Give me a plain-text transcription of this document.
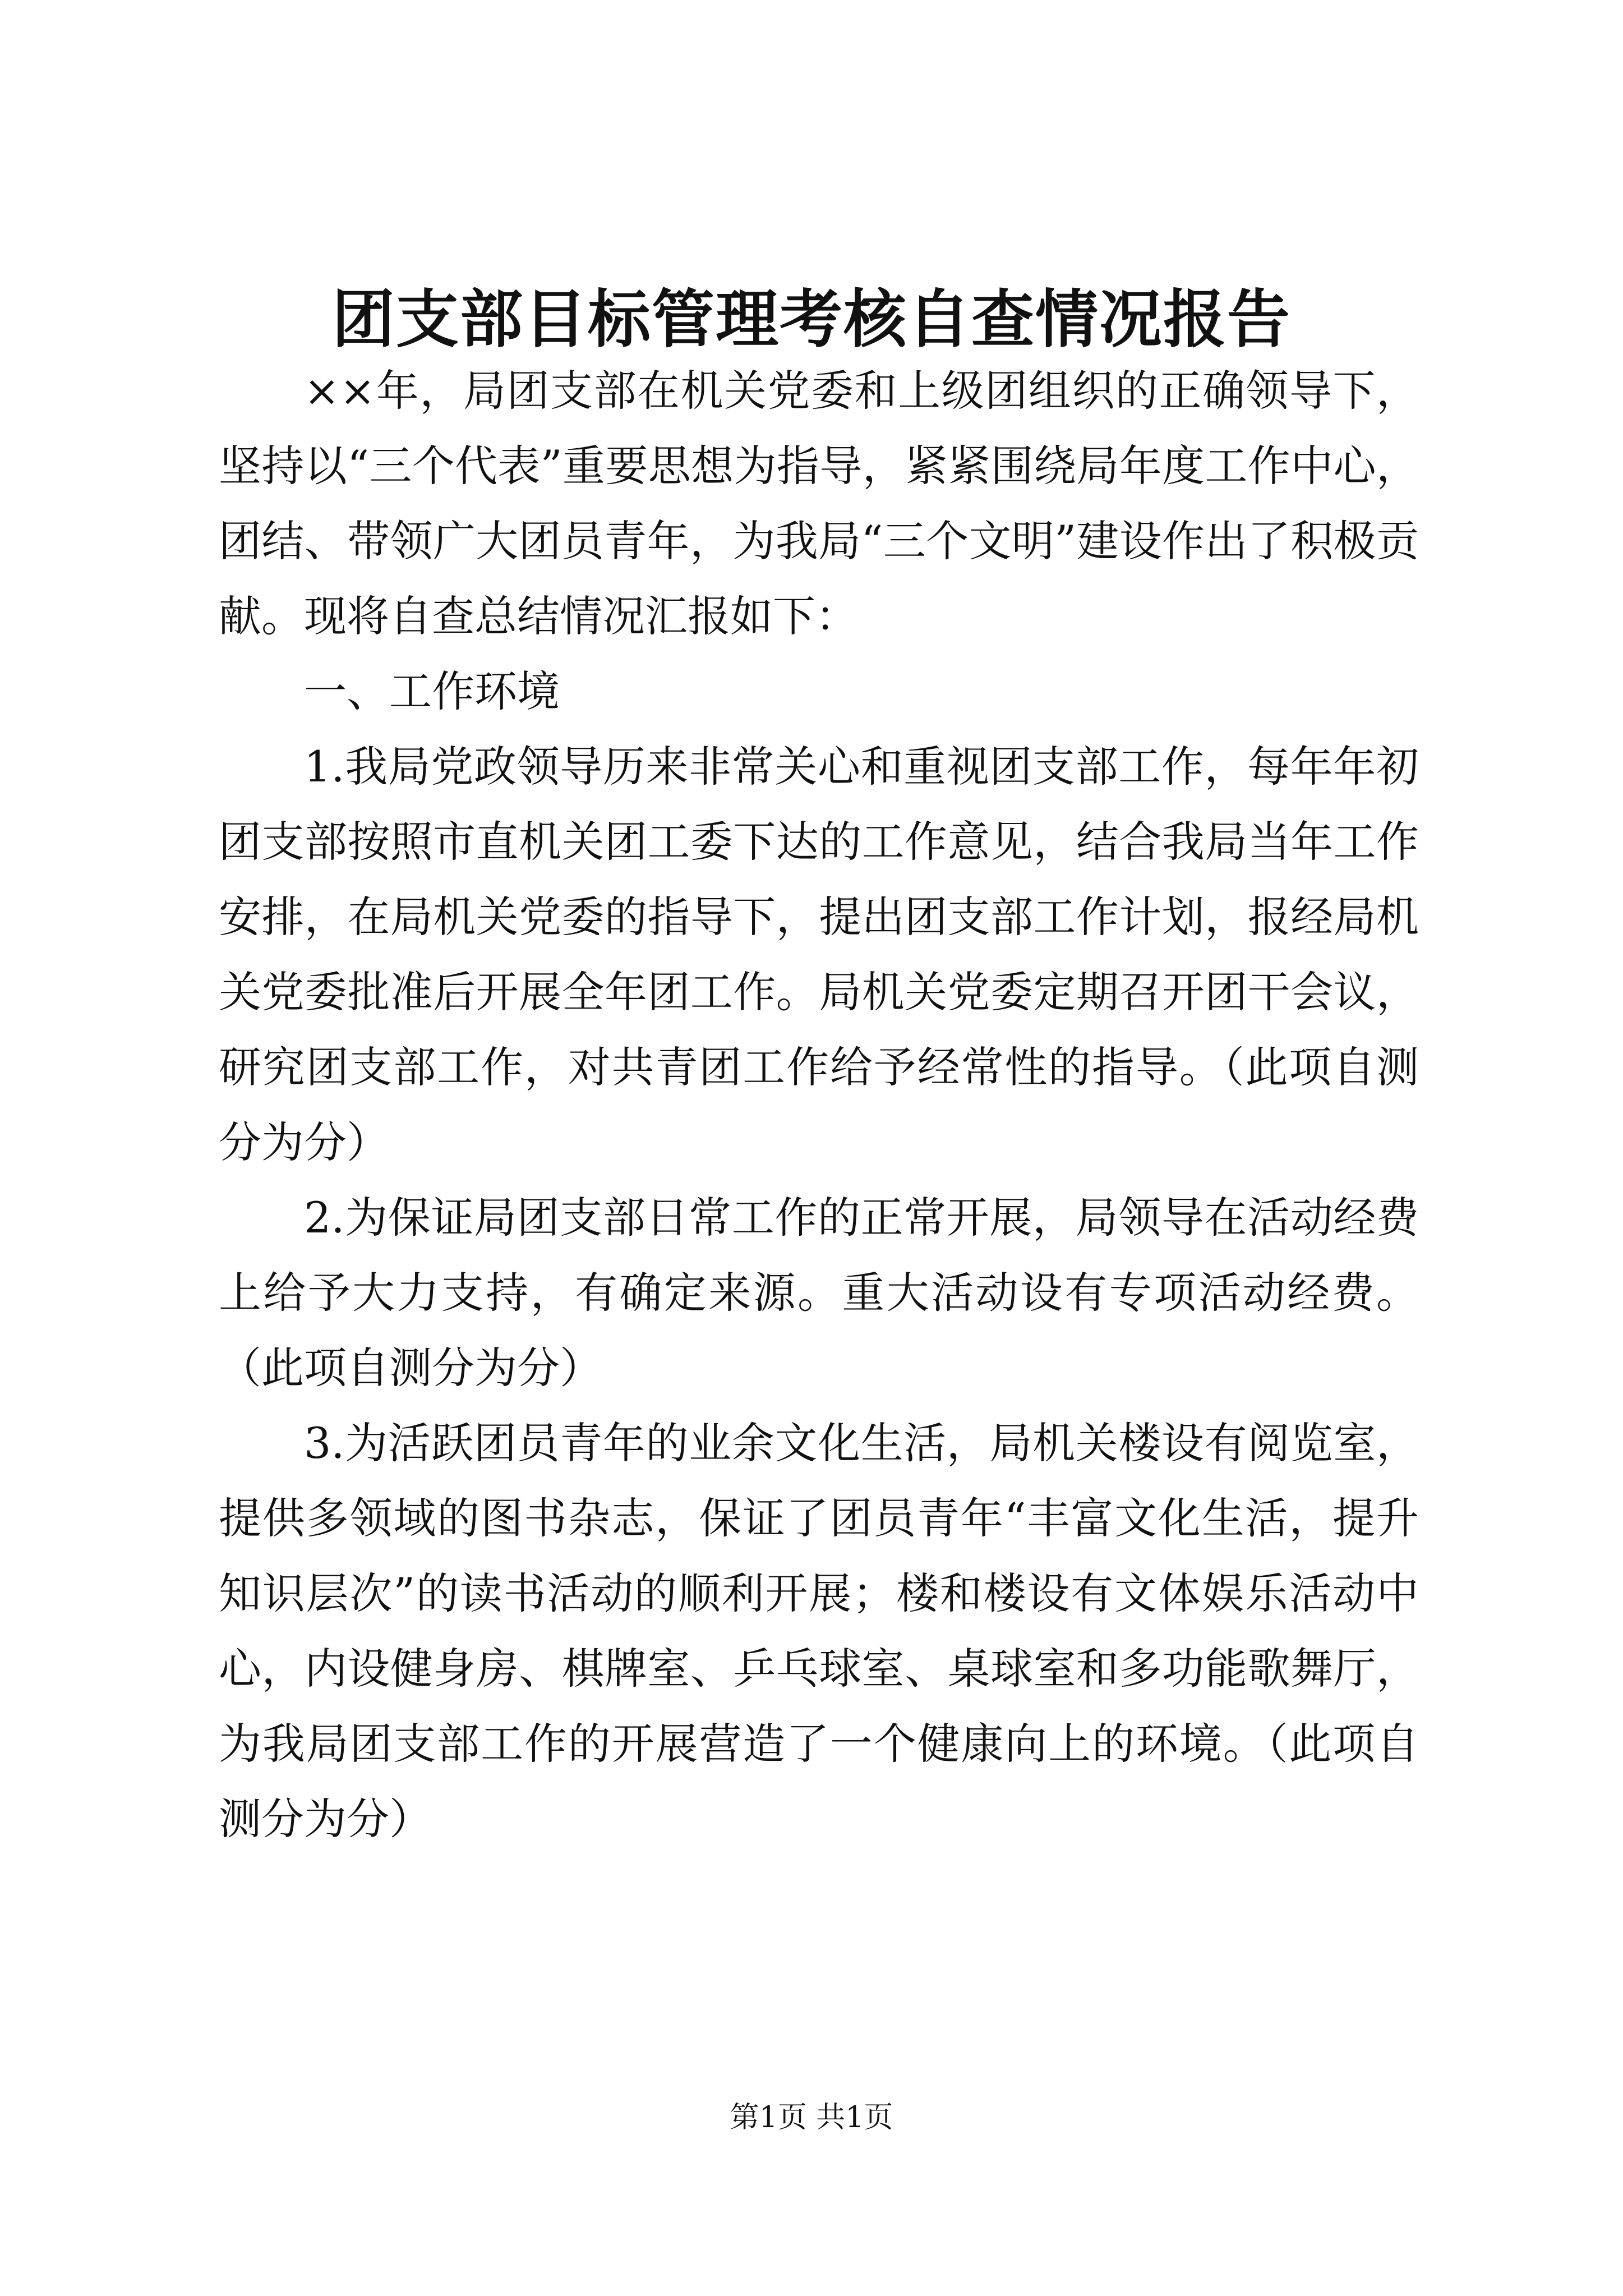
团支部目标管理考核自查情况报告

××年，局团支部在机关党委和上级团组织的正确领导下，坚持以“三个代表”重要思想为指导，紧紧围绕局年度工作中心，团结、带领广大团员青年，为我局“三个文明”建设作出了积极贡献。现将自查总结情况汇报如下：

一、工作环境

1.我局党政领导历来非常关心和重视团支部工作，每年年初团支部按照市直机关团工委下达的工作意见，结合我局当年工作安排，在局机关党委的指导下，提出团支部工作计划，报经局机关党委批准后开展全年团工作。局机关党委定期召开团干会议，研究团支部工作，对共青团工作给予经常性的指导。（此项自测分为分）

2.为保证局团支部日常工作的正常开展，局领导在活动经费上给予大力支持，有确定来源。重大活动设有专项活动经费。（此项自测分为分）

3.为活跃团员青年的业余文化生活，局机关楼设有阅览室，提供多领域的图书杂志，保证了团员青年“丰富文化生活，提升知识层次”的读书活动的顺利开展；楼和楼设有文体娱乐活动中心，内设健身房、棋牌室、乒乓球室、桌球室和多功能歌舞厅，为我局团支部工作的开展营造了一个健康向上的环境。（此项自测分为分）

第1页 共1页
